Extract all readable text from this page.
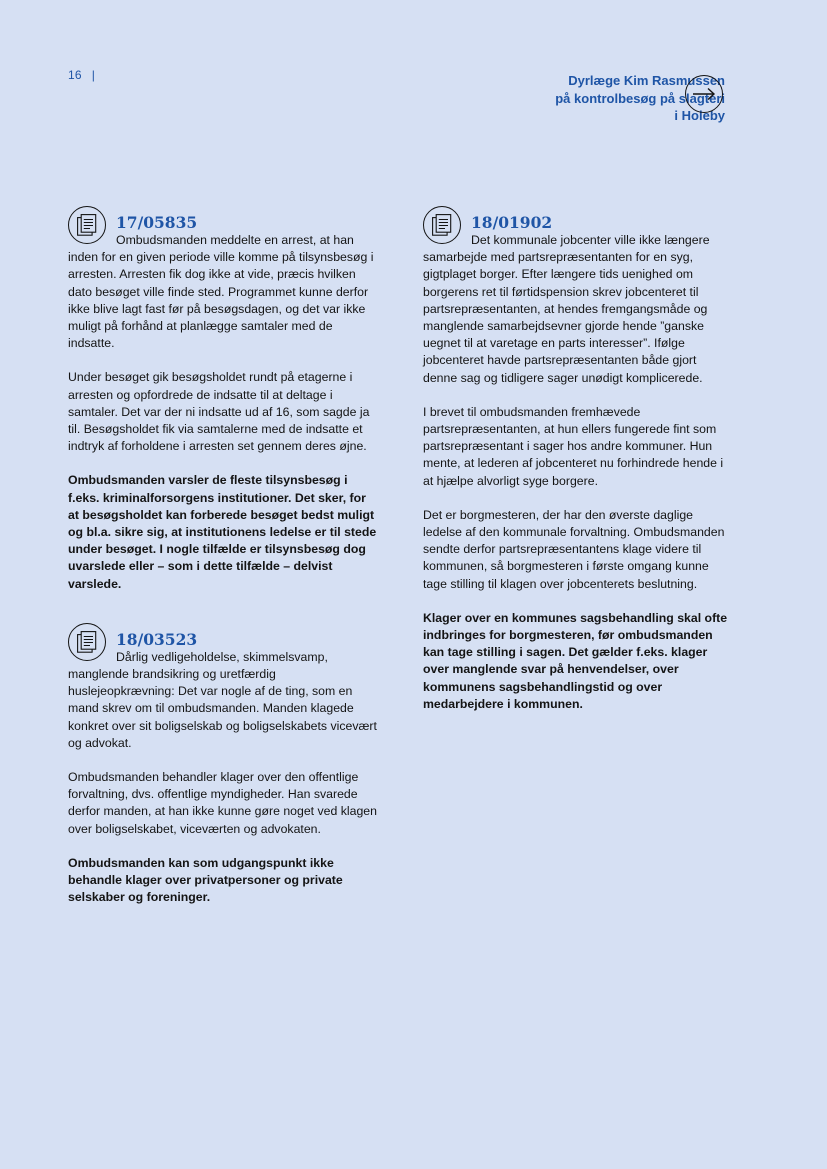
16 |	Dyrlæge Kim Rasmussen
på kontrolbesøg på slagteri
i Holeby
17/05835

Ombudsmanden meddelte en arrest, at han inden for en given periode ville komme på tilsynsbesøg i arresten. Arresten fik dog ikke at vide, præcis hvilken dato besøget ville finde sted. Programmet kunne derfor ikke blive lagt fast før på besøgsdagen, og det var ikke muligt på forhånd at planlægge samtaler med de indsatte.

Under besøget gik besøgsholdet rundt på etagerne i arresten og opfordrede de indsatte til at deltage i samtaler. Det var der ni indsatte ud af 16, som sagde ja til. Besøgsholdet fik via samtalerne med de indsatte et indtryk af forholdene i arresten set gennem deres øjne.

Ombudsmanden varsler de fleste tilsynsbesøg i f.eks. kriminalforsorgens institutioner. Det sker, for at besøgsholdet kan forberede besøget bedst muligt og bl.a. sikre sig, at institutionens ledelse er til stede under besøget. I nogle tilfælde er tilsynsbesøg dog uvarslede eller – som i dette tilfælde – delvist varslede.

18/03523

Dårlig vedligeholdelse, skimmelsvamp, manglende brandsikring og uretfærdig huslejeopkrævning: Det var nogle af de ting, som en mand skrev om til ombudsmanden. Manden klagede konkret over sit boligselskab og boligselskabets vicevært og advokat.

Ombudsmanden behandler klager over den offentlige forvaltning, dvs. offentlige myndigheder. Han svarede derfor manden, at han ikke kunne gøre noget ved klagen over boligselskabet, viceværten og advokaten.

Ombudsmanden kan som udgangspunkt ikke behandle klager over privatpersoner og private selskaber og foreninger.

18/01902

Det kommunale jobcenter ville ikke længere samarbejde med partsrepræsentanten for en syg, gigtplaget borger. Efter længere tids uenighed om borgerens ret til førtidspension skrev jobcenteret til partsrepræsentanten, at hendes fremgangsmåde og manglende samarbejdsevner gjorde hende ”ganske uegnet til at varetage en parts interesser”. Ifølge jobcenteret havde partsrepræsentanten både gjort denne sag og tidligere sager unødigt komplicerede.

I brevet til ombudsmanden fremhævede partsrepræsentanten, at hun ellers fungerede fint som partsrepræsentant i sager hos andre kommuner. Hun mente, at lederen af jobcenteret nu forhindrede hende i at hjælpe alvorligt syge borgere.

Det er borgmesteren, der har den øverste daglige ledelse af den kommunale forvaltning. Ombudsmanden sendte derfor partsrepræsentantens klage videre til kommunen, så borgmesteren i første omgang kunne tage stilling til klagen over jobcenterets beslutning.

Klager over en kommunes sagsbehandling skal ofte indbringes for borgmesteren, før ombudsmanden kan tage stilling i sagen. Det gælder f.eks. klager over manglende svar på henvendelser, over kommunens sagsbehandlingstid og over medarbejdere i kommunen.
